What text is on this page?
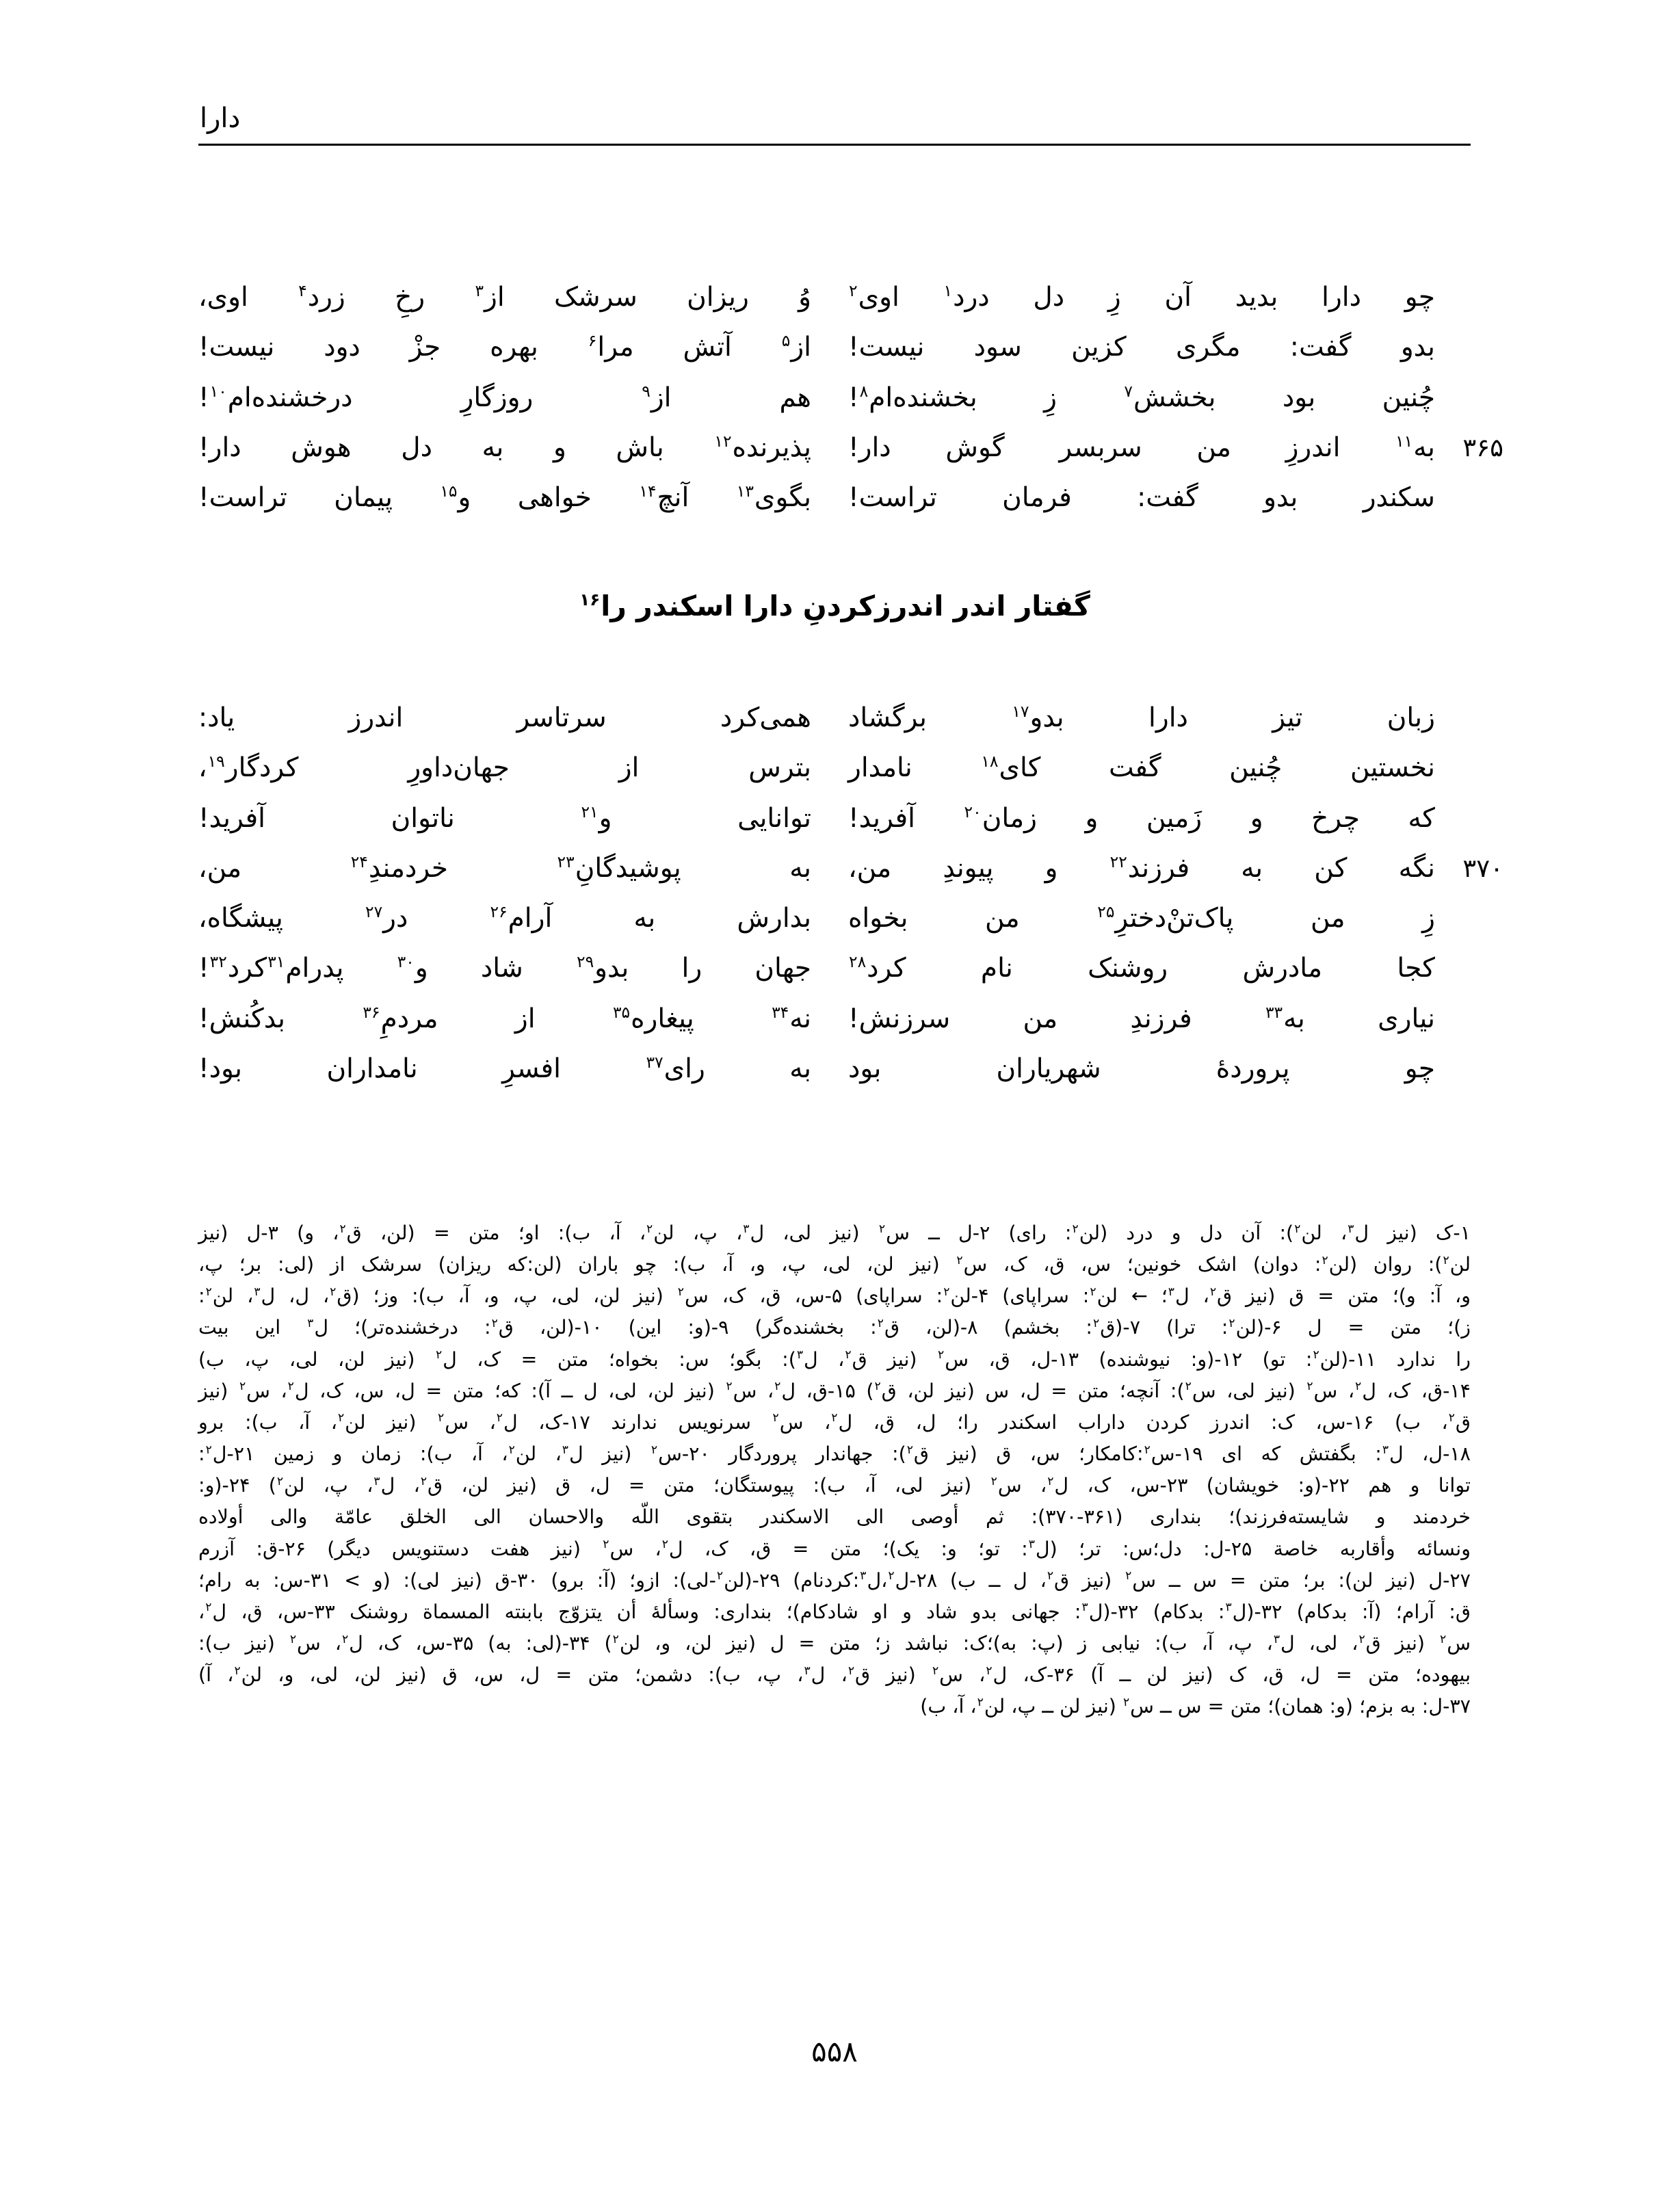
دارا
چو دارا بدید آن زِ دل درد$^۱$ اوی$^۲$
وُ ریزان سرشک از$^۳$ رخِ زرد$^۴$ اوی،
بدو گفت: مگری کزین سود نیست!
از$^۵$ آتش مرا$^۶$ بهره جزْ دود نیست!
چُنین بود بخشش$^۷$ زِ بخشنده‌ام$^۸$!
هم از$^۹$ روزگارِ درخشنده‌ام$^{۱۰}$!
۳۶۵
به$^{۱۱}$ اندرزِ من سربسر گوش دار!
پذیرنده$^{۱۲}$ باش و به دل هوش دار!
سکندر بدو گفت: فرمان تراست!
بگوی$^{۱۳}$ آنچ$^{۱۴}$ خواهی و$^{۱۵}$ پیمان تراست!
گفتار اندر اندرزکردنِ دارا اسکندر را$^{۱۶}$
زبان تیز دارا بدو$^{۱۷}$ برگشاد
همی‌کرد سرتاسر اندرز یاد:
نخستین چُنین گفت کای$^{۱۸}$ نامدار
بترس از جهان‌داورِ کردگار$^{۱۹}$،
که چرخ و زَمین و زمان$^{۲۰}$ آفرید!
توانایی و$^{۲۱}$ ناتوان آفرید!
۳۷۰
نگه کن به فرزند$^{۲۲}$ و پیوندِ من،
به پوشیدگانِ$^{۲۳}$ خردمندِ$^{۲۴}$ من،
زِ من پاک‌تنْ‌دخترِ$^{۲۵}$ من بخواه
بدارش به آرام$^{۲۶}$ در$^{۲۷}$ پیشگاه،
کجا مادرش روشنک نام کرد$^{۲۸}$
جهان را بدو$^{۲۹}$ شاد و$^{۳۰}$ پدرام$^{۳۱}$کرد$^{۳۲}$!
نیاری به$^{۳۳}$ فرزندِ من سرزنش!
نه$^{۳۴}$ پیغاره$^{۳۵}$ از مردمِ$^{۳۶}$ بدکُنش!
چو پروردهٔ شهریاران بود
به رای$^{۳۷}$ افسرِ نامداران بود!

۱-ک (نیز ل$^۳$، لن$^۲$): آن دل و درد (لن$^۲$: رای) ۲-ل ــ س$^۲$ (نیز لی، ل$^۳$، پ، لن$^۲$، آ، ب): او؛ متن = (لن، ق$^۲$، و) ۳-ل (نیز

لن$^۲$): روان (لن$^۲$: دوان) اشک خونین؛ س، ق، ک، س$^۲$ (نیز لن، لی، پ، و، آ، ب): چو باران (لن:که ریزان) سرشک از (لی: بر؛ پ،

و، آ: و)؛ متن = ق (نیز ق$^۲$، ل$^۳$؛ ← لن$^۲$: سراپای) ۴-لن$^۲$: سراپای) ۵-س، ق، ک، س$^۲$ (نیز لن، لی، پ، و، آ، ب): وز؛ (ق$^۲$، ل، ل$^۳$، لن$^۲$:

ز)؛ متن = ل ۶-(لن$^۲$: ترا) ۷-(ق$^۲$: بخشم) ۸-(لن، ق$^۲$: بخشنده‌گر) ۹-(و: این) ۱۰-(لن، ق$^۲$: درخشنده‌تر)؛ ل$^۳$ این بیت

را ندارد ۱۱-(لن$^۲$: تو) ۱۲-(و: نیوشنده) ۱۳-ل، ق، س$^۲$ (نیز ق$^۲$، ل$^۳$): بگو؛ س: بخواه؛ متن = ک، ل$^۲$ (نیز لن، لی، پ، ب)

۱۴-ق، ک، ل$^۲$، س$^۲$ (نیز لی، س$^۲$): آنچه؛ متن = ل، س (نیز لن، ق$^۲$) ۱۵-ق، ل$^۲$، س$^۲$ (نیز لن، لی، ل ــ آ): که؛ متن = ل، س، ک، ل$^۲$، س$^۲$ (نیز

ق$^۲$، ب) ۱۶-س، ک: اندرز کردن داراب اسکندر را؛ ل، ق، ل$^۲$، س$^۲$ سرنویس ندارند ۱۷-ک، ل$^۲$، س$^۲$ (نیز لن$^۲$، آ، ب): برو

۱۸-ل، ل$^۳$: بگفتش که ای ۱۹-س$^۲$:کامکار؛ س، ق (نیز ق$^۲$): جهاندار پروردگار ۲۰-س$^۲$ (نیز ل$^۳$، لن$^۲$، آ، ب): زمان و زمین ۲۱-ل$^۲$:

توانا و هم ۲۲-(و: خویشان) ۲۳-س، ک، ل$^۲$، س$^۲$ (نیز لی، آ، ب): پیوستگان؛ متن = ل، ق (نیز لن، ق$^۲$، ل$^۳$، پ، لن$^۲$) ۲۴-(و:

خردمند و شایسته‌فرزند)؛ بنداری (۳۶۱-۳۷۰): ثم أوصی الی الاسکندر بتقوی اللّه والاحسان الی الخلق عامّة والی أولاده

ونسائه وأقاربه خاصة ۲۵-ل: دل؛س: تر؛ (ل$^۳$: تو؛ و: یک)؛ متن = ق، ک، ل$^۲$، س$^۲$ (نیز هفت دستنویس دیگر) ۲۶-ق: آزرم

۲۷-ل (نیز لن): بر؛ متن = س ــ س$^۲$ (نیز ق$^۲$، ل ــ ب) ۲۸-ل$^۲$،ل$^۳$:کردنام) ۲۹-(لن$^۲$-لی): ازو؛ (آ: برو) ۳۰-ق (نیز لی): (و > ۳۱-س: به رام؛

ق: آرام؛ (آ: بدکام) ۳۲-(ل$^۳$: بدکام) ۳۲-(ل$^۳$: جهانی بدو شاد و او شادکام)؛ بنداری: وسألهٔ أن یتزوّج بابنته المسماة روشنک ۳۳-س، ق، ل$^۲$،

س$^۲$ (نیز ق$^۲$، لی، ل$^۳$، پ، آ، ب): نیابی ز (پ: به)؛ک: نباشد ز؛ متن = ل (نیز لن، و، لن$^۲$) ۳۴-(لی: به) ۳۵-س، ک، ل$^۲$، س$^۲$ (نیز ب):

بیهوده؛ متن = ل، ق، ک (نیز لن ــ آ) ۳۶-ک، ل$^۲$، س$^۲$ (نیز ق$^۲$، ل$^۳$، پ، ب): دشمن؛ متن = ل، س، ق (نیز لن، لی، و، لن$^۲$، آ)

۳۷-ل: به بزم؛ (و: همان)؛ متن = س ــ س$^۲$ (نیز لن ــ پ، لن$^۲$، آ، ب)

۵۵۸
